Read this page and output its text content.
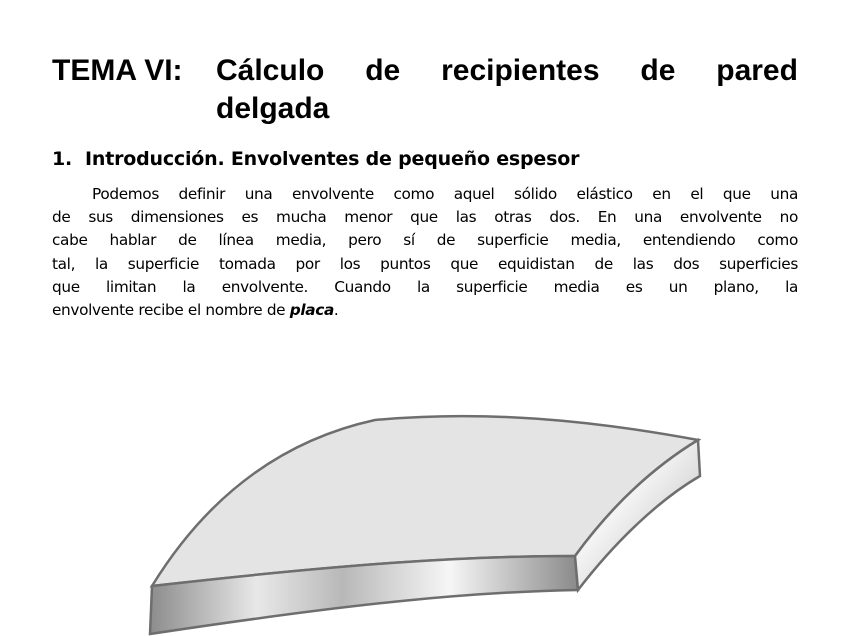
TEMA VI: Cálculo de recipientes de pared
delgada
1. Introducción. Envolventes de pequeño espesor
Podemos definir una envolvente como aquel sólido elástico en el que una
de sus dimensiones es mucha menor que las otras dos. En una envolvente no
cabe hablar de línea media, pero sí de superficie media, entendiendo como
tal, la superficie tomada por los puntos que equidistan de las dos superficies
que limitan la envolvente. Cuando la superficie media es un plano, la
envolvente recibe el nombre de placa.
